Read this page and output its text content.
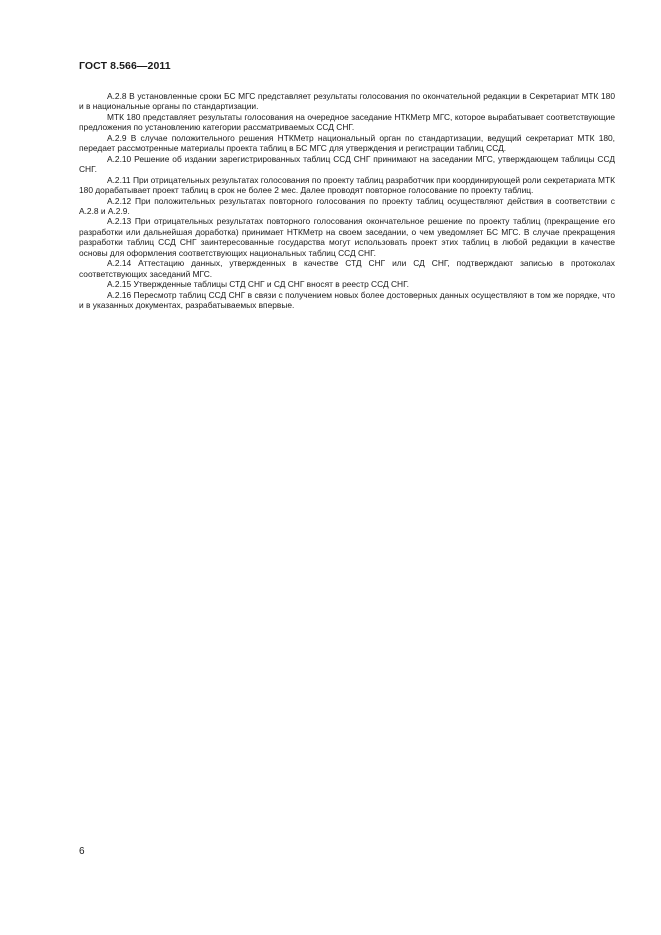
ГОСТ 8.566—2011

А.2.8 В установленные сроки БС МГС представляет результаты голосования по окончательной редакции в Секретариат МТК 180 и в национальные органы по стандартизации.

МТК 180 представляет результаты голосования на очередное заседание НТКМетр МГС, которое вырабатывает соответствующие предложения по установлению категории рассматриваемых ССД СНГ.

А.2.9 В случае положительного решения НТКМетр национальный орган по стандартизации, ведущий секретариат МТК 180, передает рассмотренные материалы проекта таблиц в БС МГС для утверждения и регистрации таблиц ССД.

А.2.10 Решение об издании зарегистрированных таблиц ССД СНГ принимают на заседании МГС, утверждающем таблицы ССД СНГ.

А.2.11 При отрицательных результатах голосования по проекту таблиц разработчик при координирующей роли секретариата МТК 180 дорабатывает проект таблиц в срок не более 2 мес. Далее проводят повторное голосование по проекту таблиц.

А.2.12 При положительных результатах повторного голосования по проекту таблиц осуществляют действия в соответствии с А.2.8 и А.2.9.

А.2.13 При отрицательных результатах повторного голосования окончательное решение по проекту таблиц (прекращение его разработки или дальнейшая доработка) принимает НТКМетр на своем заседании, о чем уведомляет БС МГС. В случае прекращения разработки таблиц ССД СНГ заинтересованные государства могут использовать проект этих таблиц в любой редакции в качестве основы для оформления соответствующих национальных таблиц ССД СНГ.

А.2.14 Аттестацию данных, утвержденных в качестве СТД СНГ или СД СНГ, подтверждают записью в протоколах соответствующих заседаний МГС.

А.2.15 Утвержденные таблицы СТД СНГ и СД СНГ вносят в реестр ССД СНГ.

А.2.16 Пересмотр таблиц ССД СНГ в связи с получением новых более достоверных данных осуществляют в том же порядке, что и в указанных документах, разрабатываемых впервые.

6
